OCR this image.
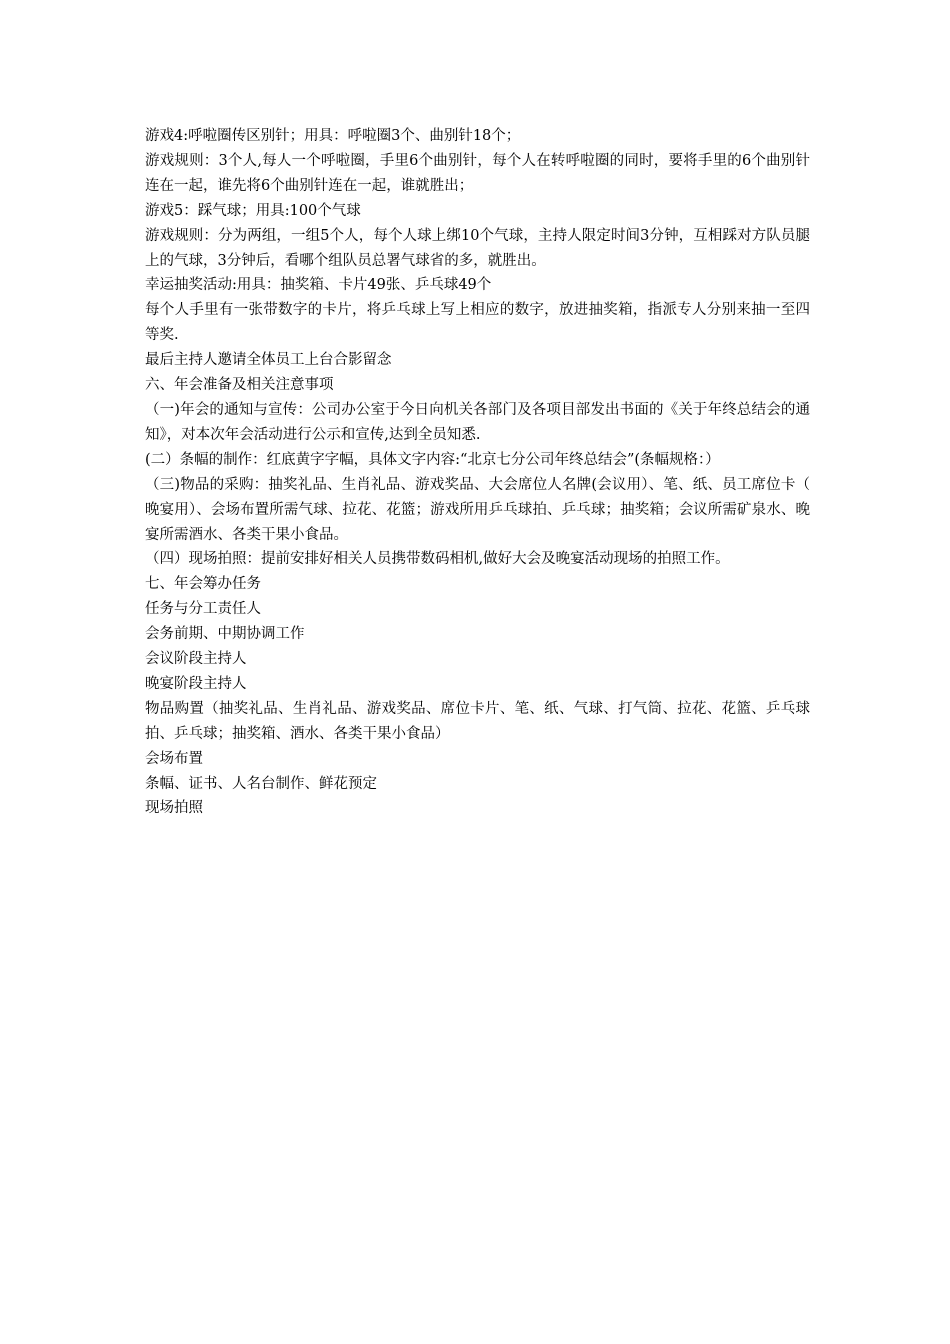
游戏4:呼啦圈传区别针；用具：呼啦圈3个、曲别针18个；

游戏规则：3个人,每人一个呼啦圈，手里6个曲别针，每个人在转呼啦圈的同时，要将手里的6个曲别针连在一起，谁先将6个曲别针连在一起，谁就胜出；

游戏5：踩气球；用具:100个气球

游戏规则：分为两组，一组5个人，每个人球上绑10个气球，主持人限定时间3分钟，互相踩对方队员腿上的气球，3分钟后，看哪个组队员总署气球省的多，就胜出。

幸运抽奖活动:用具：抽奖箱、卡片49张、乒乓球49个

每个人手里有一张带数字的卡片，将乒乓球上写上相应的数字，放进抽奖箱，指派专人分别来抽一至四等奖.

最后主持人邀请全体员工上台合影留念

六、年会准备及相关注意事项

（一)年会的通知与宣传：公司办公室于今日向机关各部门及各项目部发出书面的《关于年终总结会的通知》，对本次年会活动进行公示和宣传,达到全员知悉.

(二）条幅的制作：红底黄字字幅，具体文字内容:“北京七分公司年终总结会”(条幅规格：）

（三)物品的采购：抽奖礼品、生肖礼品、游戏奖品、大会席位人名牌(会议用）、笔、纸、员工席位卡（晚宴用）、会场布置所需气球、拉花、花篮；游戏所用乒乓球拍、乒乓球；抽奖箱；会议所需矿泉水、晚宴所需酒水、各类干果小食品。

（四）现场拍照：提前安排好相关人员携带数码相机,做好大会及晚宴活动现场的拍照工作。

七、年会筹办任务

任务与分工责任人

会务前期、中期协调工作

会议阶段主持人

晚宴阶段主持人

物品购置（抽奖礼品、生肖礼品、游戏奖品、席位卡片、笔、纸、气球、打气筒、拉花、花篮、乒乓球拍、乒乓球；抽奖箱、酒水、各类干果小食品）

会场布置

条幅、证书、人名台制作、鲜花预定

现场拍照
